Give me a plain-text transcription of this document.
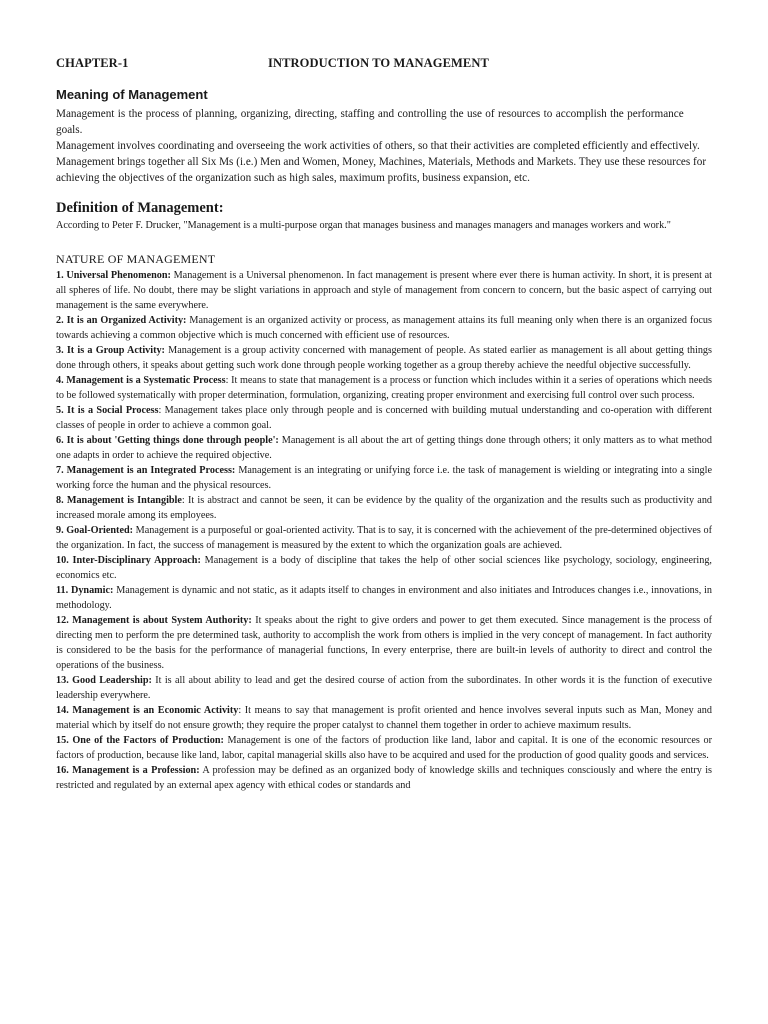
CHAPTER-1	INTRODUCTION TO MANAGEMENT
Meaning of Management

Management is the process of planning, organizing, directing, staffing and controlling the use of resources to accomplish the performance goals.

Management involves coordinating and overseeing the work activities of others, so that their activities are completed efficiently and effectively.

Management brings together all Six Ms (i.e.) Men and Women, Money, Machines, Materials, Methods and Markets. They use these resources for achieving the objectives of the organization such as high sales, maximum profits, business expansion, etc.

Definition of Management:

According to Peter F. Drucker, "Management is a multi-purpose organ that manages business and manages managers and manages workers and work."

NATURE OF MANAGEMENT

1. Universal Phenomenon: Management is a Universal phenomenon. In fact management is present where ever there is human activity. In short, it is present at all spheres of life. No doubt, there may be slight variations in approach and style of management from concern to concern, but the basic aspect of carrying out management is the same everywhere.

2. It is an Organized Activity: Management is an organized activity or process, as management attains its full meaning only when there is an organized focus towards achieving a common objective which is much concerned with efficient use of resources.

3. It is a Group Activity: Management is a group activity concerned with management of people. As stated earlier as management is all about getting things done through others, it speaks about getting such work done through people working together as a group thereby achieve the needful objective successfully.

4. Management is a Systematic Process: It means to state that management is a process or function which includes within it a series of operations which needs to be followed systematically with proper determination, formulation, organizing, creating proper environment and exercising full control over such process.

5. It is a Social Process: Management takes place only through people and is concerned with building mutual understanding and co-operation with different classes of people in order to achieve a common goal.

6. It is about 'Getting things done through people': Management is all about the art of getting things done through others; it only matters as to what method one adapts in order to achieve the required objective.

7. Management is an Integrated Process: Management is an integrating or unifying force i.e. the task of management is wielding or integrating into a single working force the human and the physical resources.

8. Management is Intangible: It is abstract and cannot be seen, it can be evidence by the quality of the organization and the results such as productivity and increased morale among its employees.

9. Goal-Oriented: Management is a purposeful or goal-oriented activity. That is to say, it is concerned with the achievement of the pre-determined objectives of the organization. In fact, the success of management is measured by the extent to which the organization goals are achieved.

10. Inter-Disciplinary Approach: Management is a body of discipline that takes the help of other social sciences like psychology, sociology, engineering, economics etc.

11. Dynamic: Management is dynamic and not static, as it adapts itself to changes in environment and also initiates and Introduces changes i.e., innovations, in methodology.

12. Management is about System Authority: It speaks about the right to give orders and power to get them executed. Since management is the process of directing men to perform the pre determined task, authority to accomplish the work from others is implied in the very concept of management. In fact authority is considered to be the basis for the performance of managerial functions, In every enterprise, there are built-in levels of authority to direct and control the operations of the business.

13. Good Leadership: It is all about ability to lead and get the desired course of action from the subordinates. In other words it is the function of executive leadership everywhere.

14. Management is an Economic Activity: It means to say that management is profit oriented and hence involves several inputs such as Man, Money and material which by itself do not ensure growth; they require the proper catalyst to channel them together in order to achieve maximum results.

15. One of the Factors of Production: Management is one of the factors of production like land, labor and capital. It is one of the economic resources or factors of production, because like land, labor, capital managerial skills also have to be acquired and used for the production of good quality goods and services.

16. Management is a Profession: A profession may be defined as an organized body of knowledge skills and techniques consciously and where the entry is restricted and regulated by an external apex agency with ethical codes or standards and
